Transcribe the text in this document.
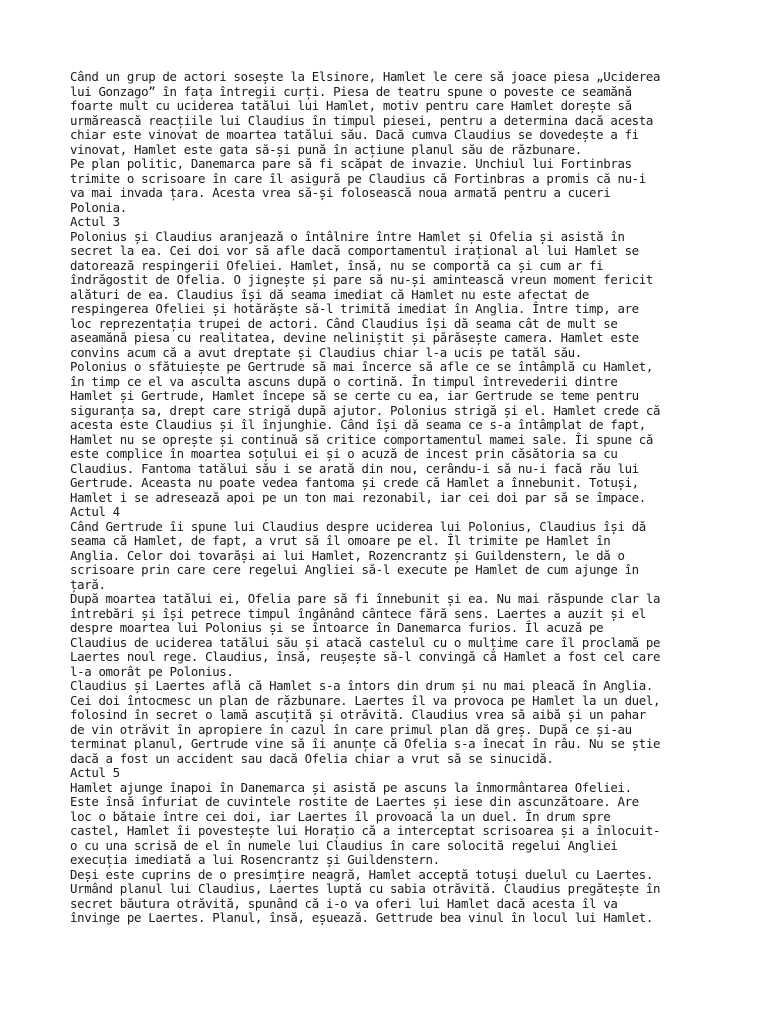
Când un grup de actori sosește la Elsinore, Hamlet le cere să joace piesa „Uciderea
lui Gonzago” în fața întregii curți. Piesa de teatru spune o poveste ce seamănă
foarte mult cu uciderea tatălui lui Hamlet, motiv pentru care Hamlet dorește să
urmărească reacțiile lui Claudius în timpul piesei, pentru a determina dacă acesta
chiar este vinovat de moartea tatălui său. Dacă cumva Claudius se dovedește a fi
vinovat, Hamlet este gata să-și pună în acțiune planul său de răzbunare.

Pe plan politic, Danemarca pare să fi scăpat de invazie. Unchiul lui Fortinbras
trimite o scrisoare în care îl asigură pe Claudius că Fortinbras a promis că nu-i
va mai invada țara. Acesta vrea să-și folosească noua armată pentru a cuceri
Polonia.

Actul 3

Polonius și Claudius aranjează o întâlnire între Hamlet și Ofelia și asistă în
secret la ea. Cei doi vor să afle dacă comportamentul irațional al lui Hamlet se
datorează respingerii Ofeliei. Hamlet, însă, nu se comportă ca și cum ar fi
îndrăgostit de Ofelia. O jignește și pare să nu-și amintească vreun moment fericit
alături de ea. Claudius își dă seama imediat că Hamlet nu este afectat de
respingerea Ofeliei și hotărăște să-l trimită imediat în Anglia. Între timp, are
loc reprezentația trupei de actori. Când Claudius își dă seama cât de mult se
aseamănă piesa cu realitatea, devine neliniștit și părăsește camera. Hamlet este
convins acum că a avut dreptate și Claudius chiar l-a ucis pe tatăl său.

Polonius o sfătuiește pe Gertrude să mai încerce să afle ce se întâmplă cu Hamlet,
în timp ce el va asculta ascuns după o cortină. În timpul întrevederii dintre
Hamlet și Gertrude, Hamlet începe să se certe cu ea, iar Gertrude se teme pentru
siguranța sa, drept care strigă după ajutor. Polonius strigă și el. Hamlet crede că
acesta este Claudius și îl înjunghie. Când își dă seama ce s-a întâmplat de fapt,
Hamlet nu se oprește și continuă să critice comportamentul mamei sale. Îi spune că
este complice în moartea soțului ei și o acuză de incest prin căsătoria sa cu
Claudius. Fantoma tatălui său i se arată din nou, cerându-i să nu-i facă rău lui
Gertrude. Aceasta nu poate vedea fantoma și crede că Hamlet a înnebunit. Totuși,
Hamlet i se adresează apoi pe un ton mai rezonabil, iar cei doi par să se împace.

Actul 4

Când Gertrude îi spune lui Claudius despre uciderea lui Polonius, Claudius își dă
seama că Hamlet, de fapt, a vrut să îl omoare pe el. Îl trimite pe Hamlet în
Anglia. Celor doi tovarăși ai lui Hamlet, Rozencrantz și Guildenstern, le dă o
scrisoare prin care cere regelui Angliei să-l execute pe Hamlet de cum ajunge în
țară.

După moartea tatălui ei, Ofelia pare să fi înnebunit și ea. Nu mai răspunde clar la
întrebări și își petrece timpul îngânând cântece fără sens. Laertes a auzit și el
despre moartea lui Polonius și se întoarce în Danemarca furios. Îl acuză pe
Claudius de uciderea tatălui său și atacă castelul cu o mulțime care îl proclamă pe
Laertes noul rege. Claudius, însă, reușește să-l convingă că Hamlet a fost cel care
l-a omorât pe Polonius.

Claudius și Laertes află că Hamlet s-a întors din drum și nu mai pleacă în Anglia.
Cei doi întocmesc un plan de răzbunare. Laertes îl va provoca pe Hamlet la un duel,
folosind în secret o lamă ascuțită și otrăvită. Claudius vrea să aibă și un pahar
de vin otrăvit în apropiere în cazul în care primul plan dă greș. După ce și-au
terminat planul, Gertrude vine să îi anunțe că Ofelia s-a înecat în râu. Nu se știe
dacă a fost un accident sau dacă Ofelia chiar a vrut să se sinucidă.

Actul 5

Hamlet ajunge înapoi în Danemarca și asistă pe ascuns la înmormântarea Ofeliei.
Este însă înfuriat de cuvintele rostite de Laertes și iese din ascunzătoare. Are
loc o bătaie între cei doi, iar Laertes îl provoacă la un duel. În drum spre
castel, Hamlet îi povestește lui Horațio că a interceptat scrisoarea și a înlocuit-
o cu una scrisă de el în numele lui Claudius în care solocită regelui Angliei
execuția imediată a lui Rosencrantz și Guildenstern.

Deși este cuprins de o presimțire neagră, Hamlet acceptă totuși duelul cu Laertes.
Urmând planul lui Claudius, Laertes luptă cu sabia otrăvită. Claudius pregătește în
secret băutura otrăvită, spunând că i-o va oferi lui Hamlet dacă acesta îl va
învinge pe Laertes. Planul, însă, eșuează. Gettrude bea vinul în locul lui Hamlet.
